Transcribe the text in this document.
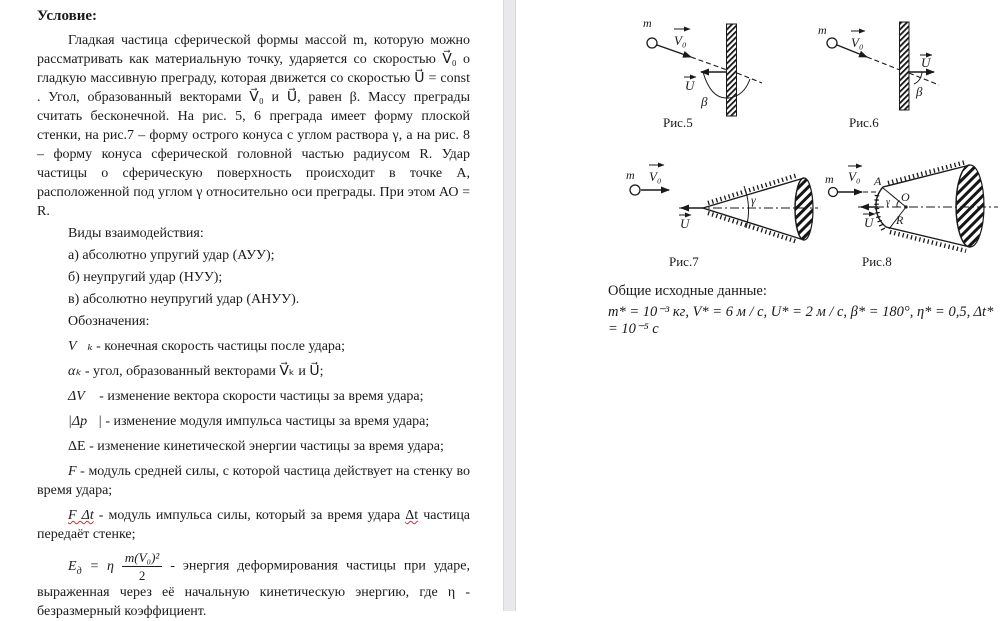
Условие:

Гладкая частица сферической формы массой m, которую можно рассматривать как материальную точку, ударяется со скоростью V⃗₀ о гладкую массивную преграду, которая движется со скоростью U⃗ = const . Угол, образованный векторами V⃗₀ и U⃗, равен β. Массу преграды считать бесконечной. На рис. 5, 6 преграда имеет форму плоской стенки, на рис.7 – форму острого конуса с углом раствора γ, а на рис. 8 – форму конуса сферической головной частью радиусом R. Удар частицы о сферическую поверхность происходит в точке А, расположенной под углом γ относительно оси преграды. При этом АО = R.

Виды взаимодействия:

а) абсолютно упругий удар (АУУ);

б) неупругий удар (НУУ);

в) абсолютно неупругий удар (АНУУ).

Обозначения:

V⃗ₖ - конечная скорость частицы после удара;

αₖ - угол, образованный векторами V⃗ₖ и U⃗;

ΔV⃗ - изменение вектора скорости частицы за время удара;

|Δp⃗| - изменение модуля импульса частицы за время удара;

ΔЕ - изменение кинетической энергии частицы за время удара;

F - модуль средней силы, с которой частица действует на стенку во время удара;

F Δt - модуль импульса силы, который за время удара Δt частица передаёт стенке;

$E_д = \eta \frac{\text{m(V₀)²}}{2}$ - энергия деформирования частицы при ударе, выраженная через её начальную кинетическую энергию, где η - безразмерный коэффициент.

m
V₀
U
β
Рис.5
m
V₀
U
β
Рис.6
m V₀
γ
U
Рис.7
m V₀
U
A
O
R
γ
Рис.8
Общие исходные данные:
m* = 10⁻³ кг, V* = 6 м / с, U* = 2 м / с, β* = 180°, η* = 0,5, Δt* = 10⁻⁵ с
